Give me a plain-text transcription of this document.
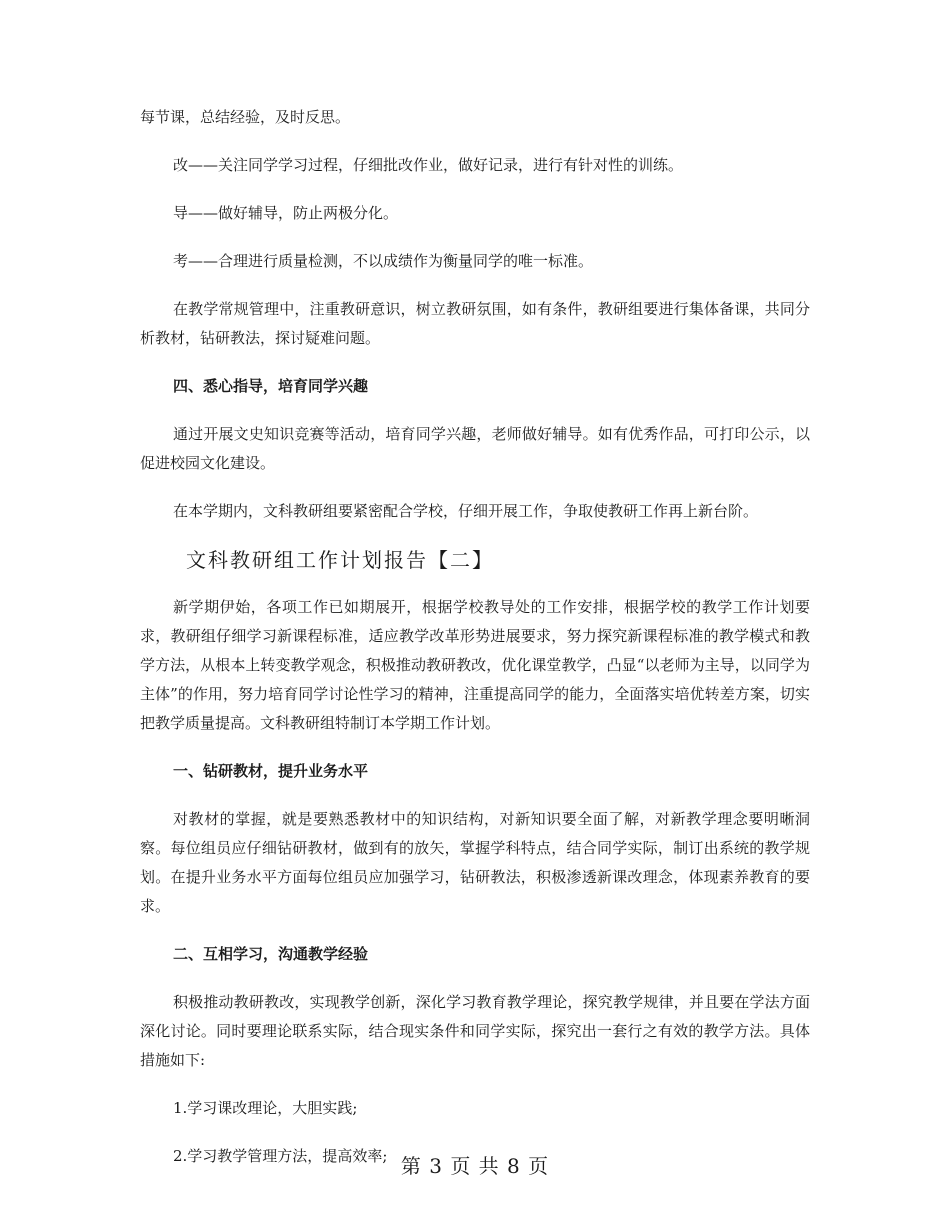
每节课，总结经验，及时反思。

改——关注同学学习过程，仔细批改作业，做好记录，进行有针对性的训练。

导——做好辅导，防止两极分化。

考——合理进行质量检测，不以成绩作为衡量同学的唯一标准。

在教学常规管理中，注重教研意识，树立教研氛围，如有条件，教研组要进行集体备课，共同分析教材，钻研教法，探讨疑难问题。

四、悉心指导，培育同学兴趣

通过开展文史知识竞赛等活动，培育同学兴趣，老师做好辅导。如有优秀作品，可打印公示，以促进校园文化建设。

在本学期内，文科教研组要紧密配合学校，仔细开展工作，争取使教研工作再上新台阶。

文科教研组工作计划报告【二】

新学期伊始，各项工作已如期展开，根据学校教导处的工作安排，根据学校的教学工作计划要求，教研组仔细学习新课程标准，适应教学改革形势进展要求，努力探究新课程标准的教学模式和教学方法，从根本上转变教学观念，积极推动教研教改，优化课堂教学，凸显“以老师为主导，以同学为主体”的作用，努力培育同学讨论性学习的精神，注重提高同学的能力，全面落实培优转差方案，切实把教学质量提高。文科教研组特制订本学期工作计划。

一、钻研教材，提升业务水平

对教材的掌握，就是要熟悉教材中的知识结构，对新知识要全面了解，对新教学理念要明晰洞察。每位组员应仔细钻研教材，做到有的放矢，掌握学科特点，结合同学实际，制订出系统的教学规划。在提升业务水平方面每位组员应加强学习，钻研教法，积极渗透新课改理念，体现素养教育的要求。

二、互相学习，沟通教学经验

积极推动教研教改，实现教学创新，深化学习教育教学理论，探究教学规律，并且要在学法方面深化讨论。同时要理论联系实际，结合现实条件和同学实际，探究出一套行之有效的教学方法。具体措施如下:

1.学习课改理论，大胆实践;

2.学习教学管理方法，提高效率; 第 3 页 共 8 页
